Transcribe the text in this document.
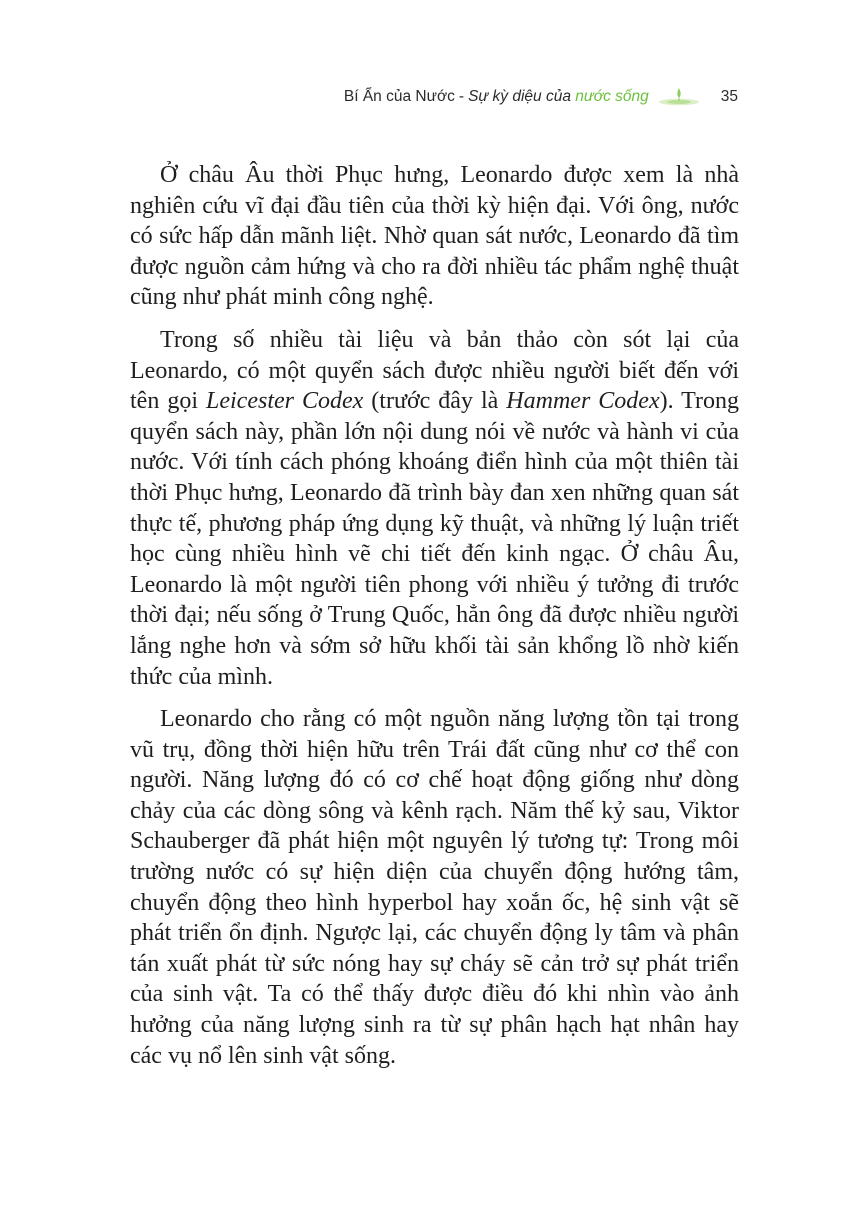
Bí Ẩn của Nước - Sự kỳ diệu của
nước sống	35

Ở châu Âu thời Phục hưng, Leonardo được xem là nhà nghiên cứu vĩ đại đầu tiên của thời kỳ hiện đại. Với ông, nước có sức hấp dẫn mãnh liệt. Nhờ quan sát nước, Leonardo đã tìm được nguồn cảm hứng và cho ra đời nhiều tác phẩm nghệ thuật cũng như phát minh công nghệ.

Trong số nhiều tài liệu và bản thảo còn sót lại của Leonardo, có một quyển sách được nhiều người biết đến với tên gọi Leicester Codex (trước đây là Hammer Codex). Trong quyển sách này, phần lớn nội dung nói về nước và hành vi của nước. Với tính cách phóng khoáng điển hình của một thiên tài thời Phục hưng, Leonardo đã trình bày đan xen những quan sát thực tế, phương pháp ứng dụng kỹ thuật, và những lý luận triết học cùng nhiều hình vẽ chi tiết đến kinh ngạc. Ở châu Âu, Leonardo là một người tiên phong với nhiều ý tưởng đi trước thời đại; nếu sống ở Trung Quốc, hẳn ông đã được nhiều người lắng nghe hơn và sớm sở hữu khối tài sản khổng lồ nhờ kiến thức của mình.

Leonardo cho rằng có một nguồn năng lượng tồn tại trong vũ trụ, đồng thời hiện hữu trên Trái đất cũng như cơ thể con người. Năng lượng đó có cơ chế hoạt động giống như dòng chảy của các dòng sông và kênh rạch. Năm thế kỷ sau, Viktor Schauberger đã phát hiện một nguyên lý tương tự: Trong môi trường nước có sự hiện diện của chuyển động hướng tâm, chuyển động theo hình hyperbol hay xoắn ốc, hệ sinh vật sẽ phát triển ổn định. Ngược lại, các chuyển động ly tâm và phân tán xuất phát từ sức nóng hay sự cháy sẽ cản trở sự phát triển của sinh vật. Ta có thể thấy được điều đó khi nhìn vào ảnh hưởng của năng lượng sinh ra từ sự phân hạch hạt nhân hay các vụ nổ lên sinh vật sống.
